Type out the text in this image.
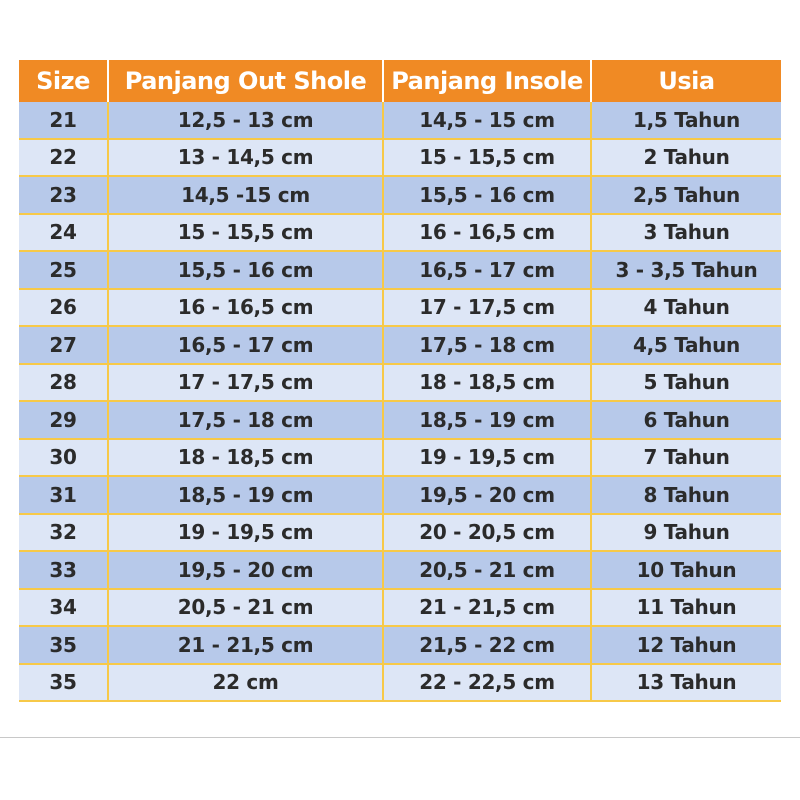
Size	Panjang Out Shole	Panjang Insole	Usia
21	12,5 - 13 cm	14,5 - 15 cm	1,5 Tahun
22	13 - 14,5 cm	15 - 15,5 cm	2 Tahun
23	14,5 -15 cm	15,5 - 16 cm	2,5 Tahun
24	15 - 15,5 cm	16 - 16,5 cm	3 Tahun
25	15,5 - 16 cm	16,5 - 17 cm	3 - 3,5 Tahun
26	16 - 16,5 cm	17 - 17,5 cm	4 Tahun
27	16,5 - 17 cm	17,5 - 18 cm	4,5 Tahun
28	17 - 17,5 cm	18 - 18,5 cm	5 Tahun
29	17,5 - 18 cm	18,5 - 19 cm	6 Tahun
30	18 - 18,5 cm	19 - 19,5 cm	7 Tahun
31	18,5 - 19 cm	19,5 - 20 cm	8 Tahun
32	19 - 19,5 cm	20 - 20,5 cm	9 Tahun
33	19,5 - 20 cm	20,5 - 21 cm	10 Tahun
34	20,5 - 21 cm	21 - 21,5 cm	11 Tahun
35	21 - 21,5 cm	21,5 - 22 cm	12 Tahun
35	22 cm	22 - 22,5 cm	13 Tahun
